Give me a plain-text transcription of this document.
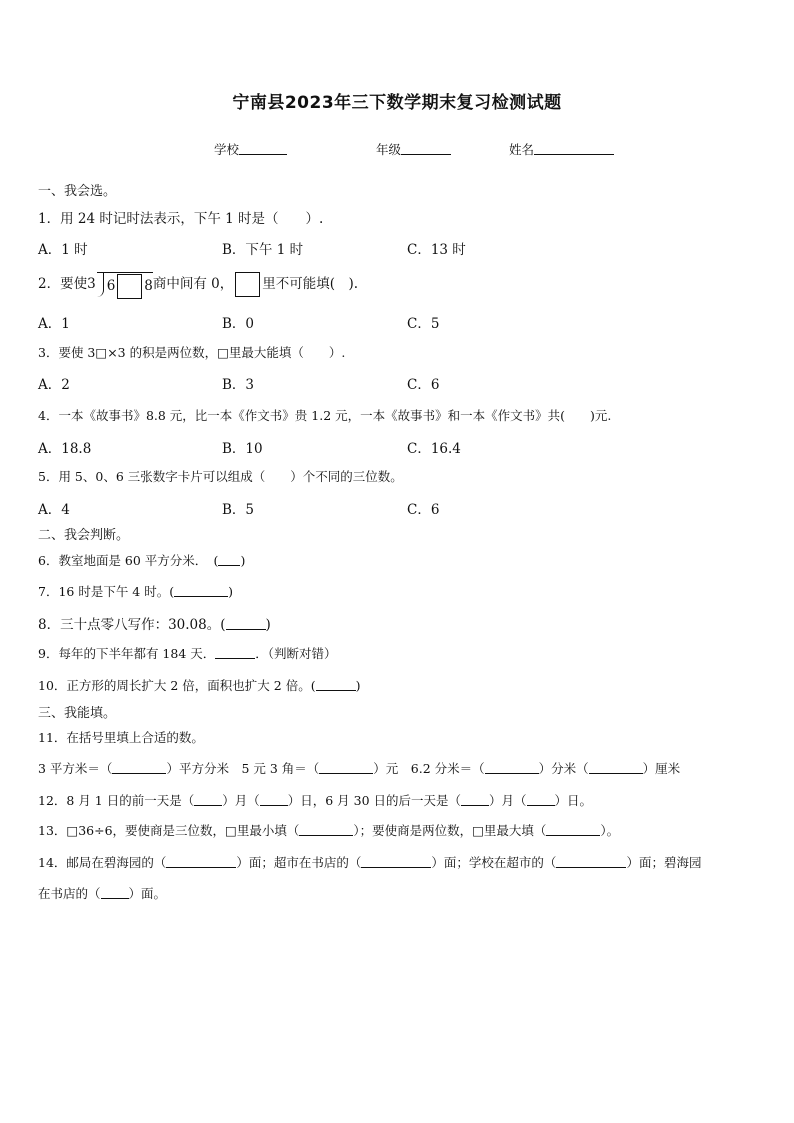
宁南县2023年三下数学期末复习检测试题
学校	年级	姓名
一、我会选。
1．用 24 时记时法表示，下午 1 时是（　　）.
A．1 时	B．下午 1 时	C．13 时
2．要使3 6 8商中间有 0， 里不可能填(　).
A．1	B．0	C．5
3．要使 3□×3 的积是两位数，□里最大能填（　　）.
A．2	B．3	C．6
4．一本《故事书》8.8 元，比一本《作文书》贵 1.2 元，一本《故事书》和一本《作文书》共(　　)元.
A．18.8	B．10	C．16.4
5．用 5、0、6 三张数字卡片可以组成（　　）个不同的三位数。
A．4	B．5	C．6
二、我会判断。
6．教室地面是 60 平方分米．　( )
7．16 时是下午 4 时。(	)
8．三十点零八写作：30.08。(	)
9．每年的下半年都有 184 天．	．（判断对错）
10．正方形的周长扩大 2 倍，面积也扩大 2 倍。(	)
三、我能填。
11．在括号里填上合适的数。
3 平方米＝（	）平方分米　5 元 3 角＝（	）元　6.2 分米＝（	）分米（	）厘米
12．8 月 1 日的前一天是（ ）月（ ）日，6 月 30 日的后一天是（ ）月（ ）日。
13．□36÷6，要使商是三位数，□里最小填（	）；要使商是两位数，□里最大填（	）。
14．邮局在碧海园的（	）面；超市在书店的（	）面；学校在超市的（	）面；碧海园
在书店的（ ）面。
